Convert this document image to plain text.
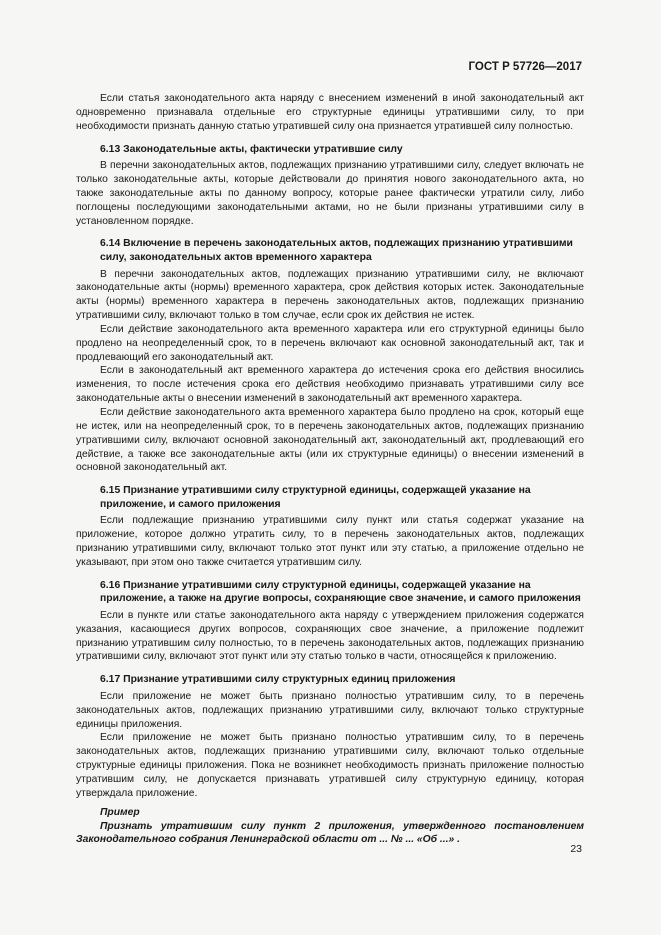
ГОСТ Р 57726—2017

Если статья законодательного акта наряду с внесением изменений в иной законодательный акт одновременно признавала отдельные его структурные единицы утратившими силу, то при необходимости признать данную статью утратившей силу она признается утратившей силу полностью.

6.13 Законодательные акты, фактически утратившие силу

В перечни законодательных актов, подлежащих признанию утратившими силу, следует включать не только законодательные акты, которые действовали до принятия нового законодательного акта, но также законодательные акты по данному вопросу, которые ранее фактически утратили силу, либо поглощены последующими законодательными актами, но не были признаны утратившими силу в установленном порядке.

6.14 Включение в перечень законодательных актов, подлежащих признанию утратившими силу, законодательных актов временного характера

В перечни законодательных актов, подлежащих признанию утратившими силу, не включают законодательные акты (нормы) временного характера, срок действия которых истек. Законодательные акты (нормы) временного характера в перечень законодательных актов, подлежащих признанию утратившими силу, включают только в том случае, если срок их действия не истек.

Если действие законодательного акта временного характера или его структурной единицы было продлено на неопределенный срок, то в перечень включают как основной законодательный акт, так и продлевающий его законодательный акт.

Если в законодательный акт временного характера до истечения срока его действия вносились изменения, то после истечения срока его действия необходимо признавать утратившими силу все законодательные акты о внесении изменений в законодательный акт временного характера.

Если действие законодательного акта временного характера было продлено на срок, который еще не истек, или на неопределенный срок, то в перечень законодательных актов, подлежащих признанию утратившими силу, включают основной законодательный акт, законодательный акт, продлевающий его действие, а также все законодательные акты (или их структурные единицы) о внесении изменений в основной законодательный акт.

6.15 Признание утратившими силу структурной единицы, содержащей указание на приложение, и самого приложения

Если подлежащие признанию утратившими силу пункт или статья содержат указание на приложение, которое должно утратить силу, то в перечень законодательных актов, подлежащих признанию утратившими силу, включают только этот пункт или эту статью, а приложение отдельно не указывают, при этом оно также считается утратившим силу.

6.16 Признание утратившими силу структурной единицы, содержащей указание на приложение, а также на другие вопросы, сохраняющие свое значение, и самого приложения

Если в пункте или статье законодательного акта наряду с утверждением приложения содержатся указания, касающиеся других вопросов, сохраняющих свое значение, а приложение подлежит признанию утратившим силу полностью, то в перечень законодательных актов, подлежащих признанию утратившими силу, включают этот пункт или эту статью только в части, относящейся к приложению.

6.17 Признание утратившими силу структурных единиц приложения

Если приложение не может быть признано полностью утратившим силу, то в перечень законодательных актов, подлежащих признанию утратившими силу, включают только структурные единицы приложения.

Если приложение не может быть признано полностью утратившим силу, то в перечень законодательных актов, подлежащих признанию утратившими силу, включают только отдельные структурные единицы приложения. Пока не возникнет необходимость признать приложение полностью утратившим силу, не допускается признавать утратившей силу структурную единицу, которая утверждала приложение.

Пример

Признать утратившим силу пункт 2 приложения, утвержденного постановлением Законодательного собрания Ленинградской области от ... № ... «Об ...» .

23
